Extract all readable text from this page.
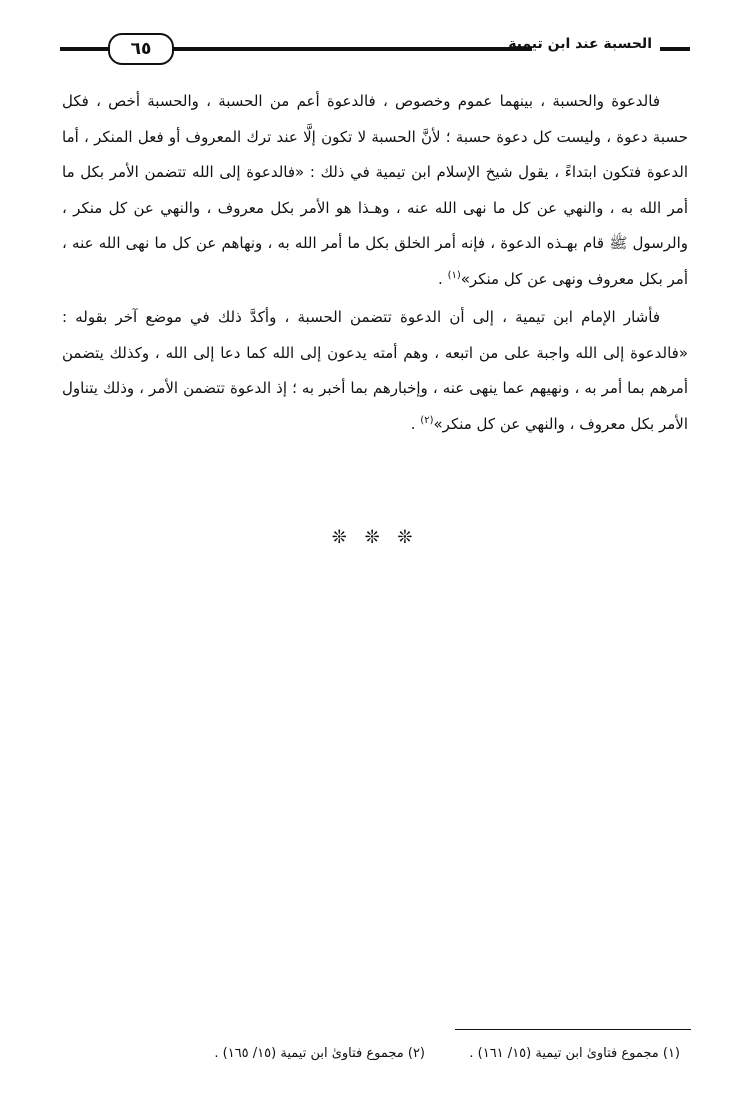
الحسبة عند ابن تيمية
٦٥

فالدعوة والحسبة ، بينهما عموم وخصوص ، فالدعوة أعم من الحسبة ، والحسبة أخص ، فكل حسبة دعوة ، وليست كل دعوة حسبة ؛ لأنَّ الحسبة لا تكون إلَّا عند ترك المعروف أو فعل المنكر ، أما الدعوة فتكون ابتداءً ، يقول شيخ الإسلام ابن تيمية في ذلك : «فالدعوة إلى الله تتضمن الأمر بكل ما أمر الله به ، والنهي عن كل ما نهى الله عنه ، وهـذا هو الأمر بكل معروف ، والنهي عن كل منكر ، والرسول ﷺ قام بهـذه الدعوة ، فإنه أمر الخلق بكل ما أمر الله به ، ونهاهم عن كل ما نهى الله عنه ، أمر بكل معروف ونهى عن كل منكر»$^{(١)}$ .

فأشار الإمام ابن تيمية ، إلى أن الدعوة تتضمن الحسبة ، وأكدَّ ذلك في موضع آخر بقوله : «فالدعوة إلى الله واجبة على من اتبعه ، وهم أمته يدعون إلى الله كما دعا إلى الله ، وكذلك يتضمن أمرهم بما أمر به ، ونهيهم عما ينهى عنه ، وإخبارهم بما أخبر به ؛ إذ الدعوة تتضمن الأمر ، وذلك يتناول الأمر بكل معروف ، والنهي عن كل منكر»$^{(٢)}$ .

❊ ❊ ❊
(١) مجموع فتاوىٰ ابن تيمية (١٥/ ١٦١) .
(٢) مجموع فتاوىٰ ابن تيمية (١٥/ ١٦٥) .
